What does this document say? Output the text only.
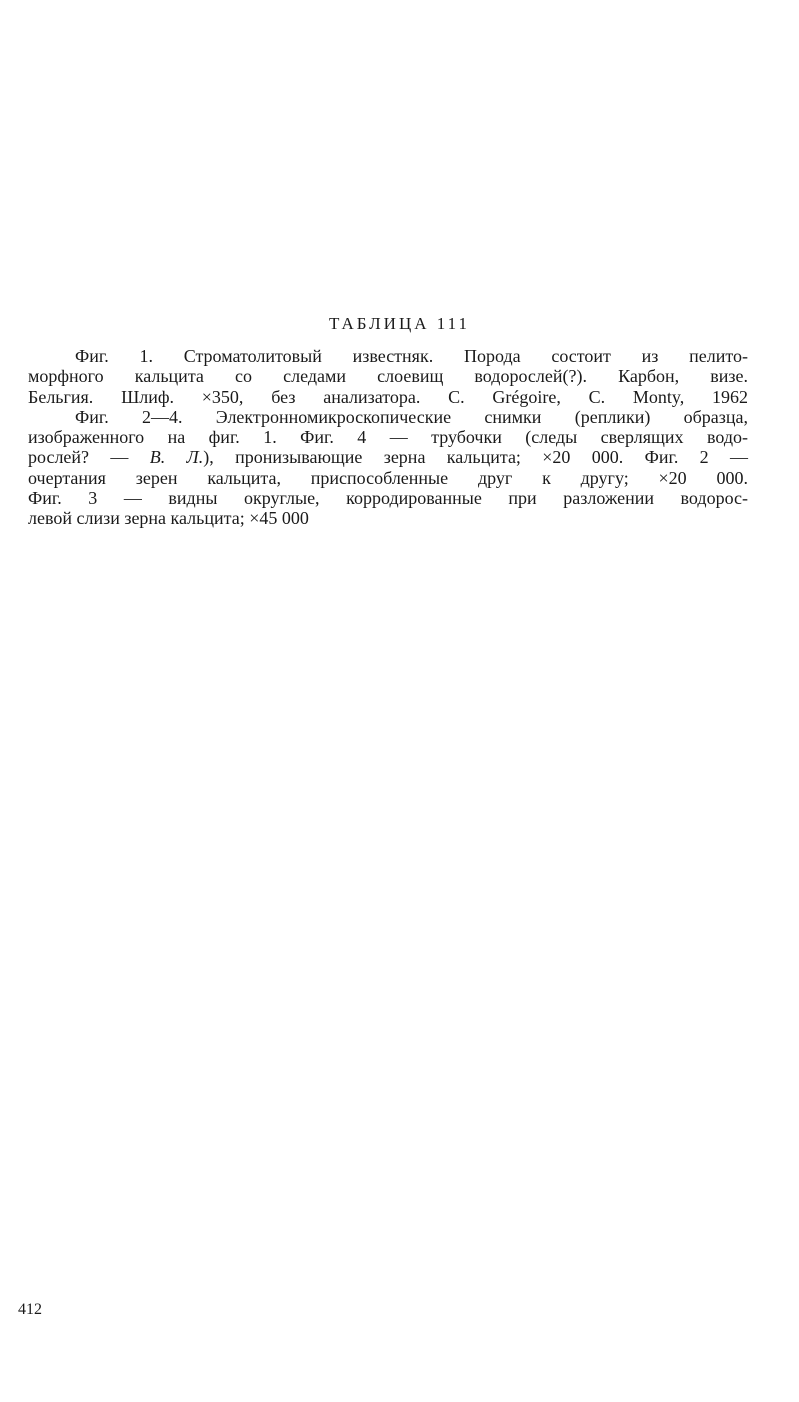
ТАБЛИЦА 111
Фиг. 1. Строматолитовый известняк. Порода состоит из пелито-
морфного кальцита со следами слоевищ водорослей(?). Карбон, визе.
Бельгия. Шлиф. ×350, без анализатора. C. Grégoire, C. Monty, 1962
Фиг. 2—4. Электронномикроскопические снимки (реплики) образца,
изображенного на фиг. 1. Фиг. 4 — трубочки (следы сверлящих водо-
рослей? — В. Л.), пронизывающие зерна кальцита; ×20 000. Фиг. 2 —
очертания зерен кальцита, приспособленные друг к другу; ×20 000.
Фиг. 3 — видны округлые, корродированные при разложении водорос-
левой слизи зерна кальцита; ×45 000
412
